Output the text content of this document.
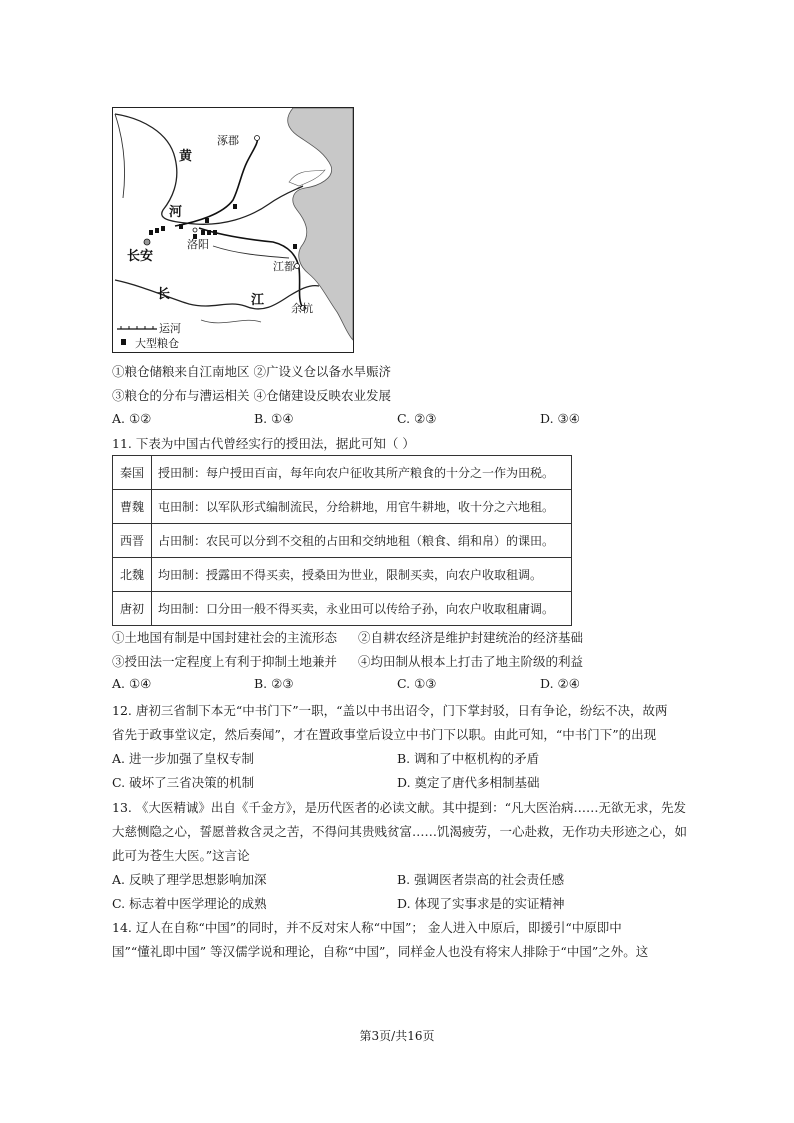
涿郡
黄
河
洛阳
长安
江都
长	江
余杭
运河
大型粮仓
①粮仓储粮来自江南地区 ②广设义仓以备水旱赈济
③粮仓的分布与漕运相关 ④仓储建设反映农业发展
A. ①②	B. ①④	C. ②③	D. ③④
11. 下表为中国古代曾经实行的授田法，据此可知（ ）
秦国	授田制：每户授田百亩，每年向农户征收其所产粮食的十分之一作为田税。
曹魏	屯田制：以军队形式编制流民，分给耕地，用官牛耕地，收十分之六地租。
西晋	占田制：农民可以分到不交租的占田和交纳地租（粮食、绢和帛）的课田。
北魏	均田制：授露田不得买卖，授桑田为世业，限制买卖，向农户收取租调。
唐初	均田制：口分田一般不得买卖，永业田可以传给子孙，向农户收取租庸调。
①土地国有制是中国封建社会的主流形态 ②自耕农经济是维护封建统治的经济基础
③授田法一定程度上有利于抑制土地兼并 ④均田制从根本上打击了地主阶级的利益
A. ①④	B. ②③	C. ①③	D. ②④
12. 唐初三省制下本无“中书门下”一职，“盖以中书出诏令，门下掌封驳，日有争论，纷纭不决，故两
省先于政事堂议定，然后奏闻”，才在置政事堂后设立中书门下以职。由此可知，“中书门下”的出现
A. 进一步加强了皇权专制	B. 调和了中枢机构的矛盾
C. 破坏了三省决策的机制	D. 奠定了唐代多相制基础
13. 《大医精诚》出自《千金方》，是历代医者的必读文献。其中提到：“凡大医治病……无欲无求，先发
大慈恻隐之心，誓愿普救含灵之苦，不得问其贵贱贫富……饥渴疲劳，一心赴救，无作功夫形迹之心，如
此可为苍生大医。”这言论
A. 反映了理学思想影响加深	B. 强调医者崇高的社会责任感
C. 标志着中医学理论的成熟	D. 体现了实事求是的实证精神
14. 辽人在自称“中国”的同时，并不反对宋人称“中国”； 金人进入中原后，即援引“中原即中
国”“懂礼即中国” 等汉儒学说和理论，自称“中国”，同样金人也没有将宋人排除于“中国”之外。这
第3页/共16页
